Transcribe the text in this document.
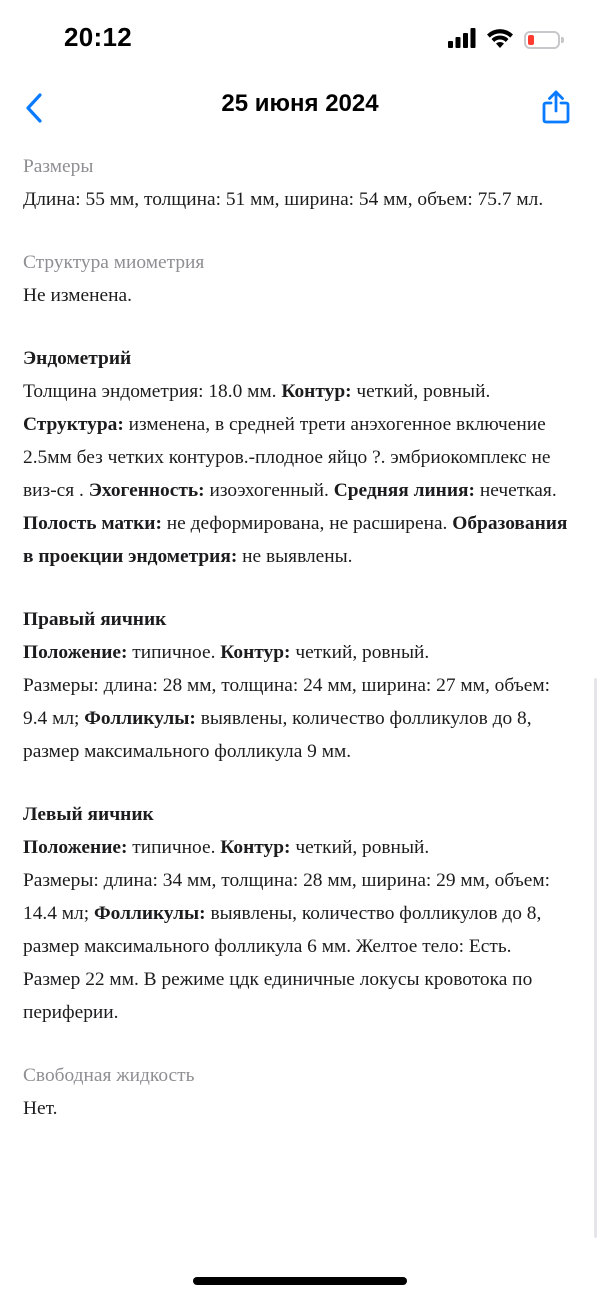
20:12
25 июня 2024
Размеры
Длина: 55 мм, толщина: 51 мм, ширина: 54 мм, объем: 75.7 мл.
Структура миометрия
Не изменена.
Эндометрий
Толщина эндометрия: 18.0 мм. Контур: четкий, ровный. Структура: изменена, в средней трети анэхогенное включение 2.5мм без четких контуров.-плодное яйцо ?. эмбриокомплекс не виз-ся . Эхогенность: изоэхогенный. Средняя линия: нечеткая. Полость матки: не деформирована, не расширена. Образования в проекции эндометрия: не выявлены.
Правый яичник
Положение: типичное. Контур: четкий, ровный.
Размеры: длина: 28 мм, толщина: 24 мм, ширина: 27 мм, объем: 9.4 мл; Фолликулы: выявлены, количество фолликулов до 8, размер максимального фолликула 9 мм.
Левый яичник
Положение: типичное. Контур: четкий, ровный.
Размеры: длина: 34 мм, толщина: 28 мм, ширина: 29 мм, объем: 14.4 мл; Фолликулы: выявлены, количество фолликулов до 8, размер максимального фолликула 6 мм. Желтое тело: Есть. Размер 22 мм. В режиме цдк единичные локусы кровотока по периферии.
Свободная жидкость
Нет.
